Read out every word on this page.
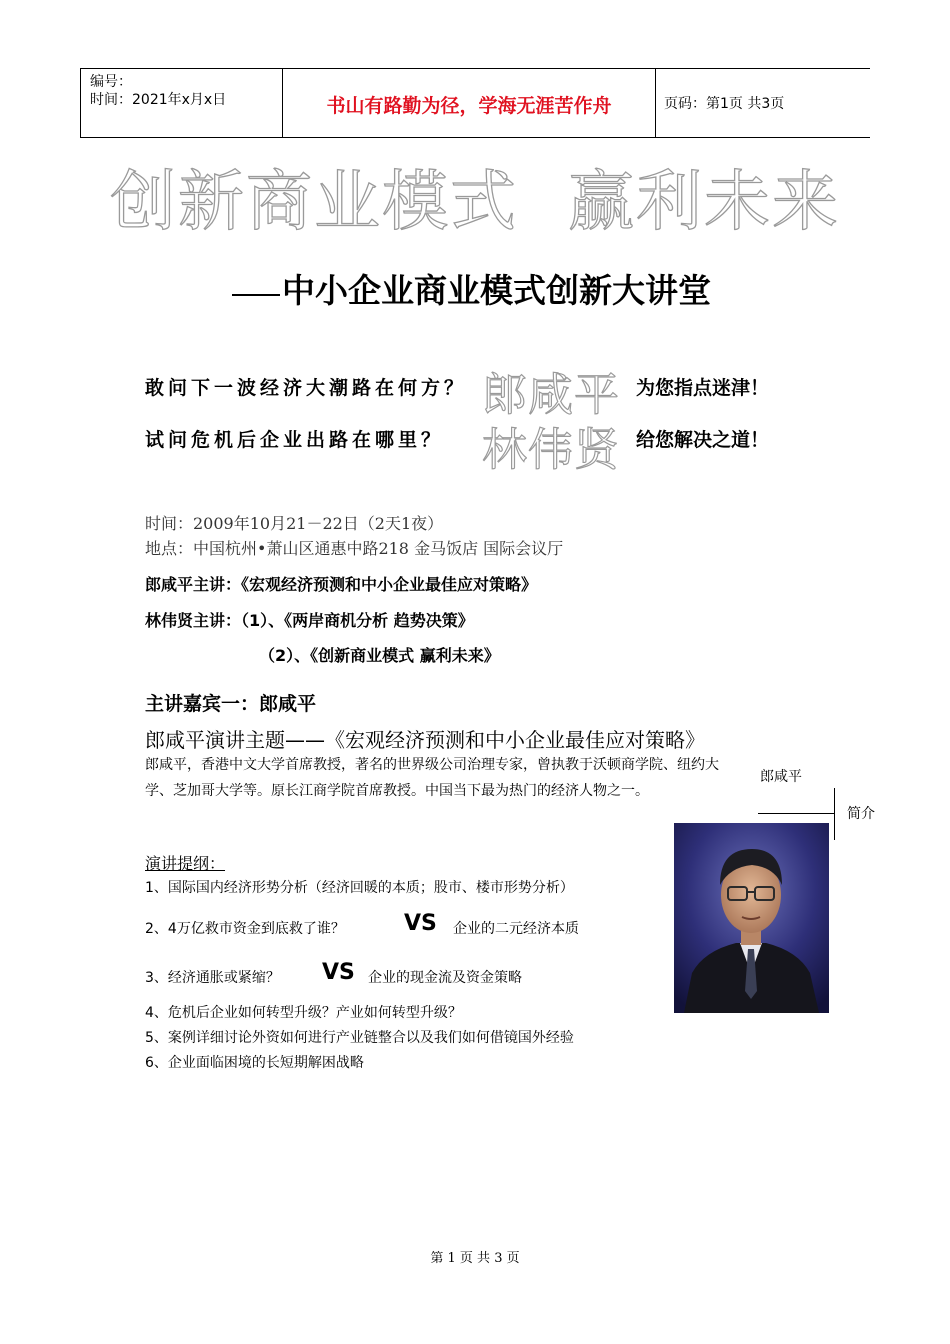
编号：
时间：2021年x月x日	书山有路勤为径，学海无涯苦作舟	页码：第1页 共3页
创新商业模式 赢利未来
中小企业商业模式创新大讲堂
敢问下一波经济大潮路在何方？ 郎咸平 为您指点迷津！
试问危机后企业出路在哪里？ 林伟贤 给您解决之道！
时间：2009年10月21－22日（2天1夜）
地点：中国杭州•萧山区通惠中路218 金马饭店 国际会议厅
郎咸平主讲：《宏观经济预测和中小企业最佳应对策略》
林伟贤主讲：（1）、《两岸商机分析 趋势决策》
（2）、《创新商业模式 赢利未来》
主讲嘉宾一：郎咸平
郎咸平演讲主题——《宏观经济预测和中小企业最佳应对策略》
郎咸平，香港中文大学首席教授，著名的世界级公司治理专家，曾执教于沃顿商学院、纽约大学、芝加哥大学等。原长江商学院首席教授。中国当下最为热门的经济人物之一。
郎咸平
简介
演讲提纲：
1、国际国内经济形势分析（经济回暖的本质；股市、楼市形势分析）
2、4万亿救市资金到底救了谁？	VS 企业的二元经济本质
3、经济通胀或紧缩？ VS 企业的现金流及资金策略
4、危机后企业如何转型升级？产业如何转型升级？
5、案例详细讨论外资如何进行产业链整合以及我们如何借镜国外经验
6、企业面临困境的长短期解困战略
第 1 页 共 3 页
